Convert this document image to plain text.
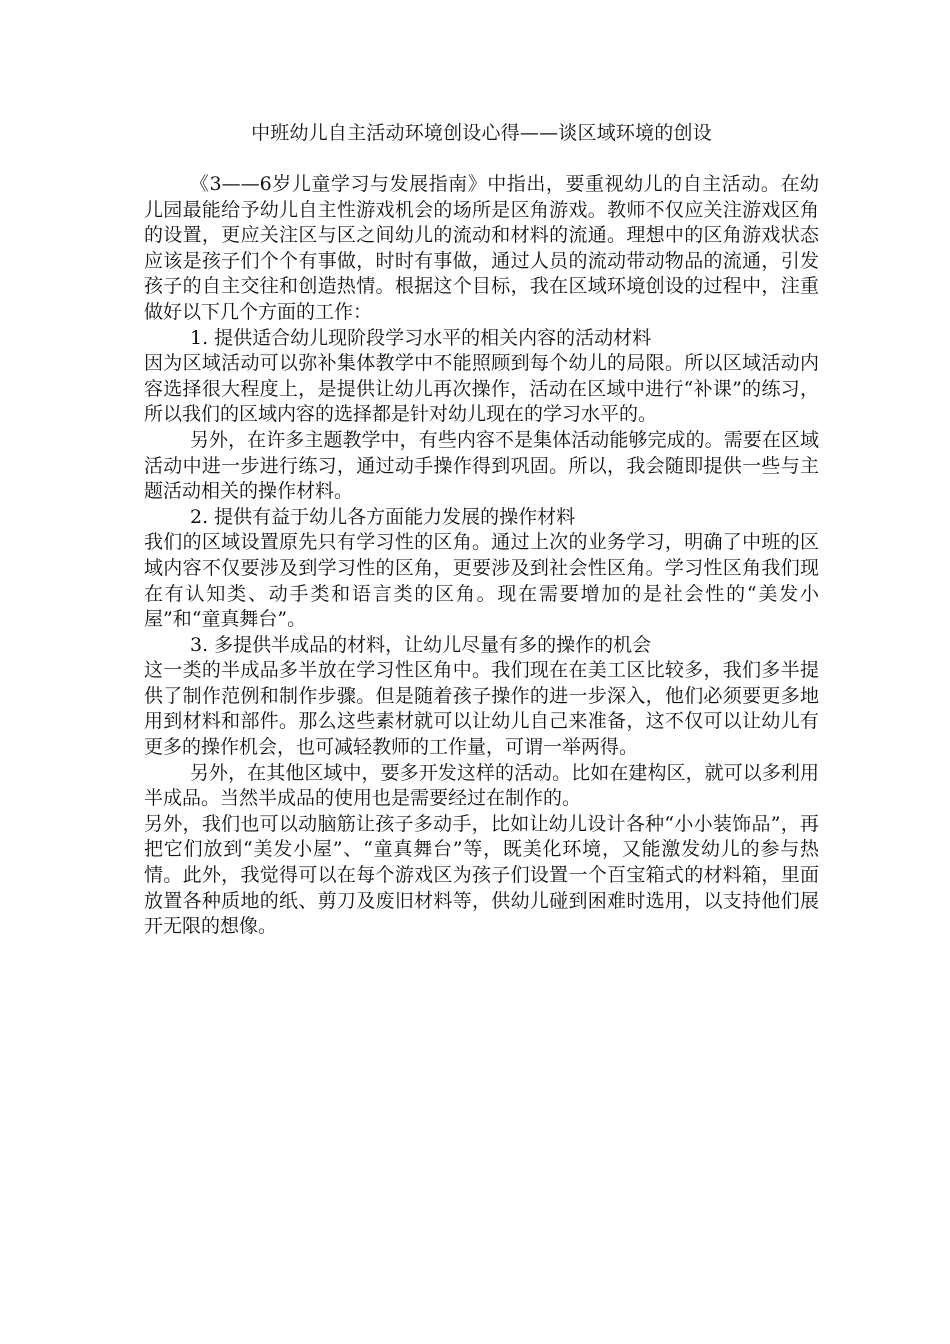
中班幼儿自主活动环境创设心得——谈区域环境的创设

《3——6岁儿童学习与发展指南》中指出，要重视幼儿的自主活动。在幼儿园最能给予幼儿自主性游戏机会的场所是区角游戏。教师不仅应关注游戏区角的设置，更应关注区与区之间幼儿的流动和材料的流通。理想中的区角游戏状态应该是孩子们个个有事做，时时有事做，通过人员的流动带动物品的流通，引发孩子的自主交往和创造热情。根据这个目标，我在区域环境创设的过程中，注重做好以下几个方面的工作：

1. 提供适合幼儿现阶段学习水平的相关内容的活动材料

因为区域活动可以弥补集体教学中不能照顾到每个幼儿的局限。所以区域活动内容选择很大程度上，是提供让幼儿再次操作，活动在区域中进行“补课”的练习，所以我们的区域内容的选择都是针对幼儿现在的学习水平的。

另外，在许多主题教学中，有些内容不是集体活动能够完成的。需要在区域活动中进一步进行练习，通过动手操作得到巩固。所以，我会随即提供一些与主题活动相关的操作材料。

2. 提供有益于幼儿各方面能力发展的操作材料

我们的区域设置原先只有学习性的区角。通过上次的业务学习，明确了中班的区域内容不仅要涉及到学习性的区角，更要涉及到社会性区角。学习性区角我们现在有认知类、动手类和语言类的区角。现在需要增加的是社会性的“美发小屋”和“童真舞台”。

3. 多提供半成品的材料，让幼儿尽量有多的操作的机会

这一类的半成品多半放在学习性区角中。我们现在在美工区比较多，我们多半提供了制作范例和制作步骤。但是随着孩子操作的进一步深入，他们必须要更多地用到材料和部件。那么这些素材就可以让幼儿自己来准备，这不仅可以让幼儿有更多的操作机会，也可减轻教师的工作量，可谓一举两得。

另外，在其他区域中，要多开发这样的活动。比如在建构区，就可以多利用半成品。当然半成品的使用也是需要经过在制作的。

另外，我们也可以动脑筋让孩子多动手，比如让幼儿设计各种“小小装饰品”，再把它们放到“美发小屋”、“童真舞台”等，既美化环境，又能激发幼儿的参与热情。此外，我觉得可以在每个游戏区为孩子们设置一个百宝箱式的材料箱，里面放置各种质地的纸、剪刀及废旧材料等，供幼儿碰到困难时选用，以支持他们展开无限的想像。
